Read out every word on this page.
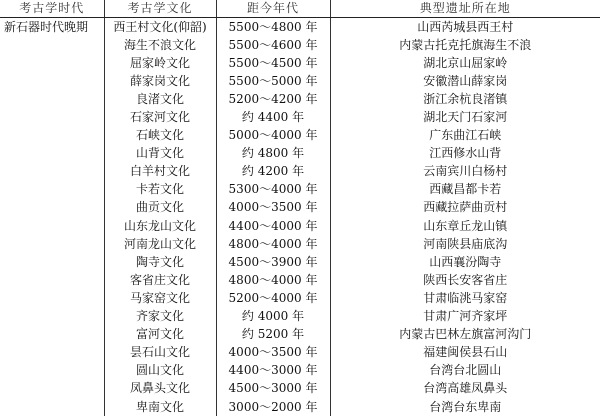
考古学时代	考古学文化	距今年代	典型遗址所在地
新石器时代晚期	西王村文化(仰韶)	5500～4800 年	山西芮城县西王村
	海生不浪文化	5500～4600 年	内蒙古托克托旗海生不浪
	屈家岭文化	5500～4500 年	湖北京山屈家岭
	薛家岗文化	5500～5000 年	安徽潜山薛家岗
	良渚文化	5200～4200 年	浙江余杭良渚镇
	石家河文化	约 4400 年	湖北天门石家河
	石峡文化	5000～4000 年	广东曲江石峡
	山背文化	约 4800 年	江西修水山背
	白羊村文化	约 4200 年	云南宾川白杨村
	卡若文化	5300～4000 年	西藏昌都卡若
	曲贡文化	4000～3500 年	西藏拉萨曲贡村
	山东龙山文化	4400～4000 年	山东章丘龙山镇
	河南龙山文化	4800～4000 年	河南陕县庙底沟
	陶寺文化	4500～3900 年	山西襄汾陶寺
	客省庄文化	4800～4000 年	陕西长安客省庄
	马家窑文化	5200～4000 年	甘肃临洮马家窑
	齐家文化	约 4000 年	甘肃广河齐家坪
	富河文化	约 5200 年	内蒙古巴林左旗富河沟门
	昙石山文化	4000～3500 年	福建闽侯县石山
	圆山文化	4400～3000 年	台湾台北圆山
	凤鼻头文化	4500～3000 年	台湾高雄凤鼻头
	卑南文化	3000～2000 年	台湾台东卑南
